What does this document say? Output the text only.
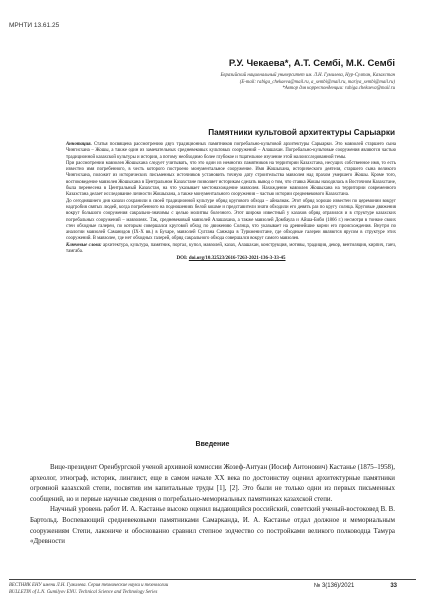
МРНТИ 13.61.25
Р.У. Чекаева*, А.Т. Сембі, М.К. Сембі
Евразийский национальный университет им. Л.Н. Гумилева, Нур-Султан, Казахстан
(E-mail: rabiga_chekaeva@mail.ru, a_sembi@mail.ru, mariya_sembi@mail.ru)
*Автор для корреспонденции: rabiga.chekaeva@mail.ru
Памятники культовой архитектуры Сарыарки

Аннотация. Статья посвящена рассмотрению двух традиционных памятников погребально-культовой архитектуры Сарыарки. Это мавзолей старшего сына Чингисхана – Жошы, а также один из замечательных средневековых культовых сооружений – Алашахан. Погребально-культовые сооружения являются частью традиционной казахской культуры и истории, а потому необходимо более глубокое и тщательное изучение этой малоисследованной темы.

При рассмотрении мавзолея Жошыхана следует учитывать, что это один из немногих памятников на территории Казахстана, несущих собственное имя, то есть известно имя погребенного, в честь которого построено монументальное сооружение. Имя Жошыхана, исторического деятеля, старшего сына великого Чингисхана, положит из исторических письменных источников установить точную дату строительства мавзолея над прахом умершего Жошы. Кроме того, востоковедение мавзолея Жошыхана в Центральном Казахстане позволяет историкам сделать вывод о том, что ставка Жошы находилась в Восточном Казахстане, была перенесена в Центральный Казахстан, на что указывает местонахождение мавзолея. Нахождение мавзолея Жошыхана на территории современного Казахстана делает исследование личности Жошыхана, а также монументального сооружения – частью истории средневекового Казахстана.

До сегодняшнего дня казахи сохранили в своей традиционной культуре обряд кругового обхода – айналмак. Этот обряд хорошо известен по церемонии вокруг надгробия святых людей, когда погребенного на подношениях белой кошме и представители знати обходили его девять раз по кругу солнца. Круговые движения вокруг большого сооружения сакрально-значимы с целью молитвы болезного. Этот широко известный у казахов обряд отразился и в структуре казахских погребальных сооружений – мавзолеях. Так, средневековый мавзолей Алашахана, а также мавзолей Домбаула и Айша-Биби (1866 г.) несмотря в тонкие своих стен обходные галереи, по которым совершался круговой обход по движению Солнца, что указывает на древнейшие корни его происхождения. Внутри по аналогии мавзолей Саманидов (IX-X вв.) в Бухаре, мавзолей Султана Санжара в Туркменистане, где обходные галереи являются ярусом в структуре этих сооружений. В мавзолее, где нет обходных галерей, обряд сакрального обхода совершался вокруг самого мавзолея.

Ключевые слова: архитектура, культура, памятник, портал, купол, мавзолей, казах, Алашахан, конструкция, мотивы, традиция, декор, вентиляция, кирпич, ганч, тамгаба.

DOI: doi.org/10.32523/2616-7263-2021-136-3-33-45
Введение

Вице-президент Оренбургской ученой архивной комиссии Жозеф-Антуан (Иосиф Антонович) Кастанье (1875–1958), археолог, этнограф, историк, лингвист, еще в самом начале XX века по достоинству оценил архитектурные памятники огромной казахской степи, посвятив им капитальные труды [1], [2]. Это были не только одни из первых письменных сообщений, но и первые научные сведения о погребально-мемориальных памятниках казахской степи.

Научный уровень работ И. А. Кастанье высоко оценил выдающийся российский, советский ученый-востоковед В. В. Бартольд. Воспевающий средневековыми памятниками Самарканда, И. А. Кастанье отдал должное и мемориальным сооружениям Степи, лакониче и обоснованно сравнил степное зодчество со постройками великого полководца Тамура «Древности

ВЕСТНИК ЕНУ имени Л.Н. Гумилева. Серия технические науки и технологии
BULLETIN of L.N. Gumilyov ENU. Technical Science and Technology Series
№ 3(136)/2021	33
